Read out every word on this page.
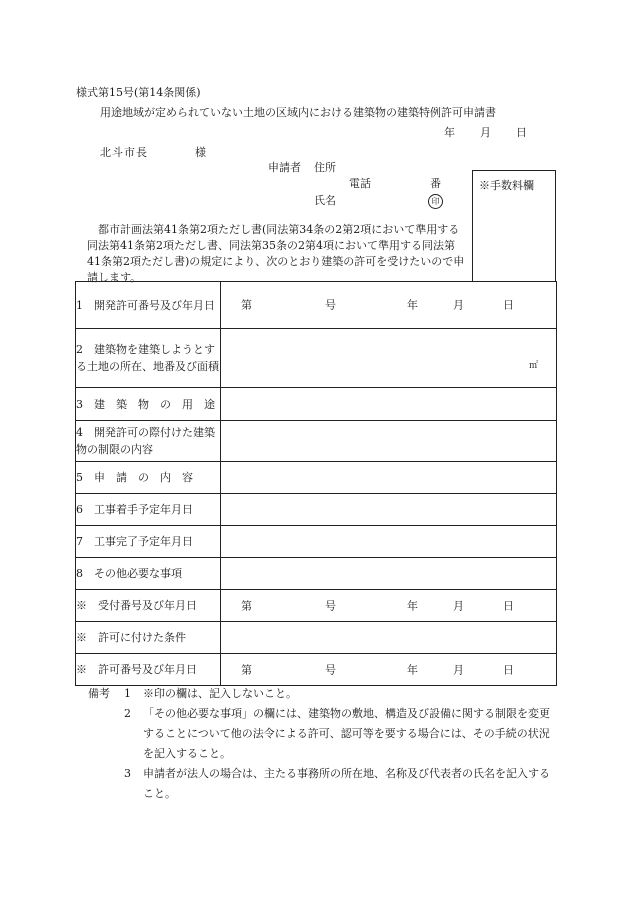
様式第15号(第14条関係)
用途地域が定められていない土地の区域内における建築物の建築特例許可申請書
年 月 日
北斗市長	様
申請者 住所
電話	番
氏名	印
※手数料欄
都市計画法第41条第2項ただし書(同法第34条の2第2項において準用する同法第41条第2項ただし書、同法第35条の2第4項において準用する同法第41条第2項ただし書)の規定により、次のとおり建築の許可を受けたいので申請します。
1　開発許可番号及び年月日	第 号 年 月 日

2　建築物を建築しようとする土地の所在、地番及び面積	㎡

3　建　築　物　の　用　途	
4　開発許可の際付けた建築物の制限の内容	
5　申　請　の　内　容	
6　工事着手予定年月日	
7　工事完了予定年月日	
8　その他必要な事項	
※　受付番号及び年月日	第 号 年 月 日

※　許可に付けた条件	
※　許可番号及び年月日	第 号 年 月 日
備考 1 ※印の欄は、記入しないこと。
2 「その他必要な事項」の欄には、建築物の敷地、構造及び設備に関する制限を変更することについて他の法令による許可、認可等を要する場合には、その手続の状況を記入すること。
3 申請者が法人の場合は、主たる事務所の所在地、名称及び代表者の氏名を記入すること。
